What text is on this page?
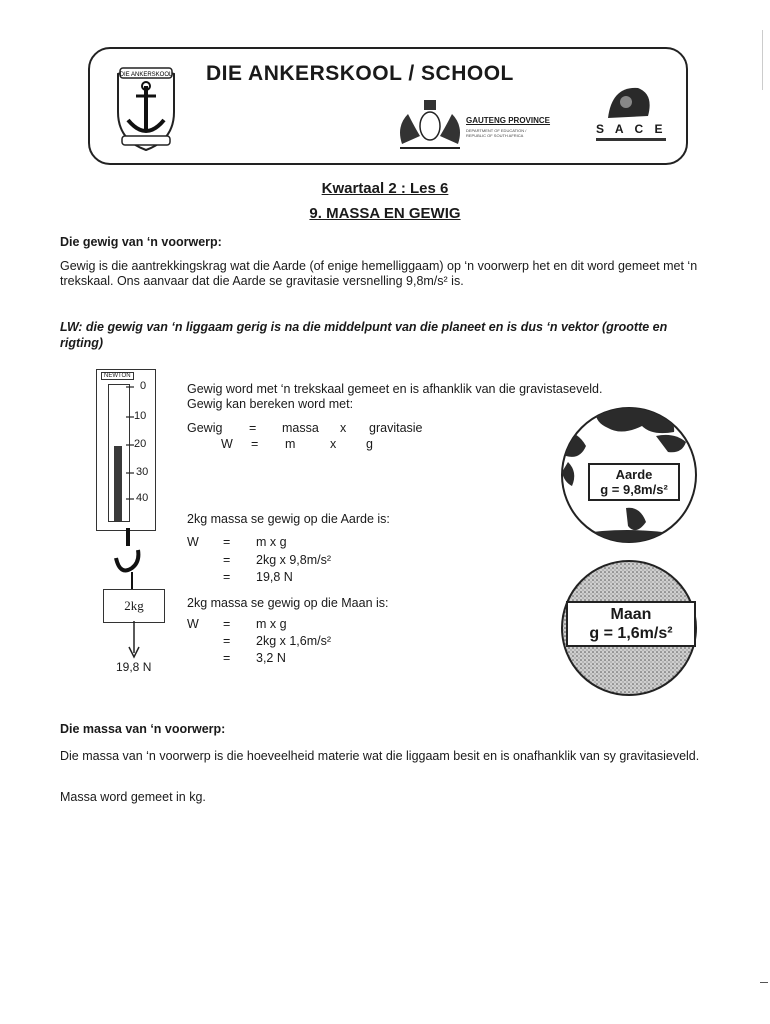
DIE ANKERSKOOL DIE ANKERSKOOL / SCHOOL
GAUTENG PROVINCE
DEPARTMENT OF EDUCATION / REPUBLIC OF SOUTH AFRICA	S A C E
Kwartaal 2 : Les 6
9. MASSA EN GEWIG
Die gewig van ‘n voorwerp:
Gewig is die aantrekkingskrag wat die Aarde (of enige hemelliggaam) op ‘n voorwerp het en dit word gemeet met ‘n trekskaal. Ons aanvaar dat die Aarde se gravitasie versnelling 9,8m/s² is.
LW: die gewig van ‘n liggaam gerig is na die middelpunt van die planeet en is dus ‘n vektor (grootte en rigting)
NEWTON
0
10
20
30
40
2kg
19,8 N
Gewig word met ‘n trekskaal gemeet en is afhanklik van die gravistaseveld.
Gewig kan bereken word met:
Gewig = massa x gravitasie
W = m	x g
2kg massa se gewig op die Aarde is:
W =
=
=
m x g
2kg x 9,8m/s²
19,8 N
2kg massa se gewig op die Maan is:
W =
=
=
m x g
2kg x 1,6m/s²
3,2 N
Aarde
g = 9,8m/s²
Maan
g = 1,6m/s²
Die massa van ‘n voorwerp:
Die massa van ‘n voorwerp is die hoeveelheid materie wat die liggaam besit en is onafhanklik van sy gravitasieveld.
Massa word gemeet in kg.
